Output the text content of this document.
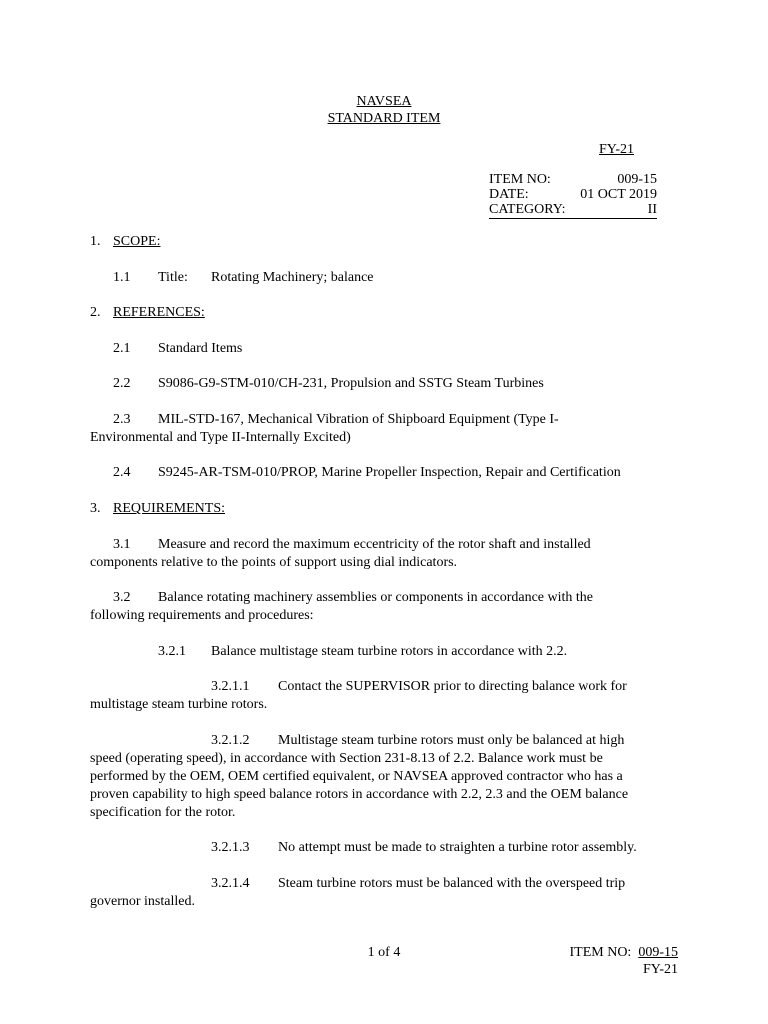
NAVSEA
STANDARD ITEM
FY-21
ITEM NO:	009-15
DATE:	01 OCT 2019
CATEGORY:	II
1. SCOPE:
1.1 Title: Rotating Machinery; balance
2. REFERENCES:
2.1 Standard Items
2.2 S9086-G9-STM-010/CH-231, Propulsion and SSTG Steam Turbines
2.3 MIL-STD-167, Mechanical Vibration of Shipboard Equipment (Type I-
Environmental and Type II-Internally Excited)
2.4 S9245-AR-TSM-010/PROP, Marine Propeller Inspection, Repair and Certification
3. REQUIREMENTS:
3.1 Measure and record the maximum eccentricity of the rotor shaft and installed
components relative to the points of support using dial indicators.
3.2 Balance rotating machinery assemblies or components in accordance with the
following requirements and procedures:
3.2.1 Balance multistage steam turbine rotors in accordance with 2.2.
3.2.1.1 Contact the SUPERVISOR prior to directing balance work for
multistage steam turbine rotors.
3.2.1.2 Multistage steam turbine rotors must only be balanced at high
speed (operating speed), in accordance with Section 231-8.13 of 2.2. Balance work must be
performed by the OEM, OEM certified equivalent, or NAVSEA approved contractor who has a
proven capability to high speed balance rotors in accordance with 2.2, 2.3 and the OEM balance
specification for the rotor.
3.2.1.3 No attempt must be made to straighten a turbine rotor assembly.
3.2.1.4 Steam turbine rotors must be balanced with the overspeed trip
governor installed.
1 of 4	ITEM NO: 009-15
FY-21
